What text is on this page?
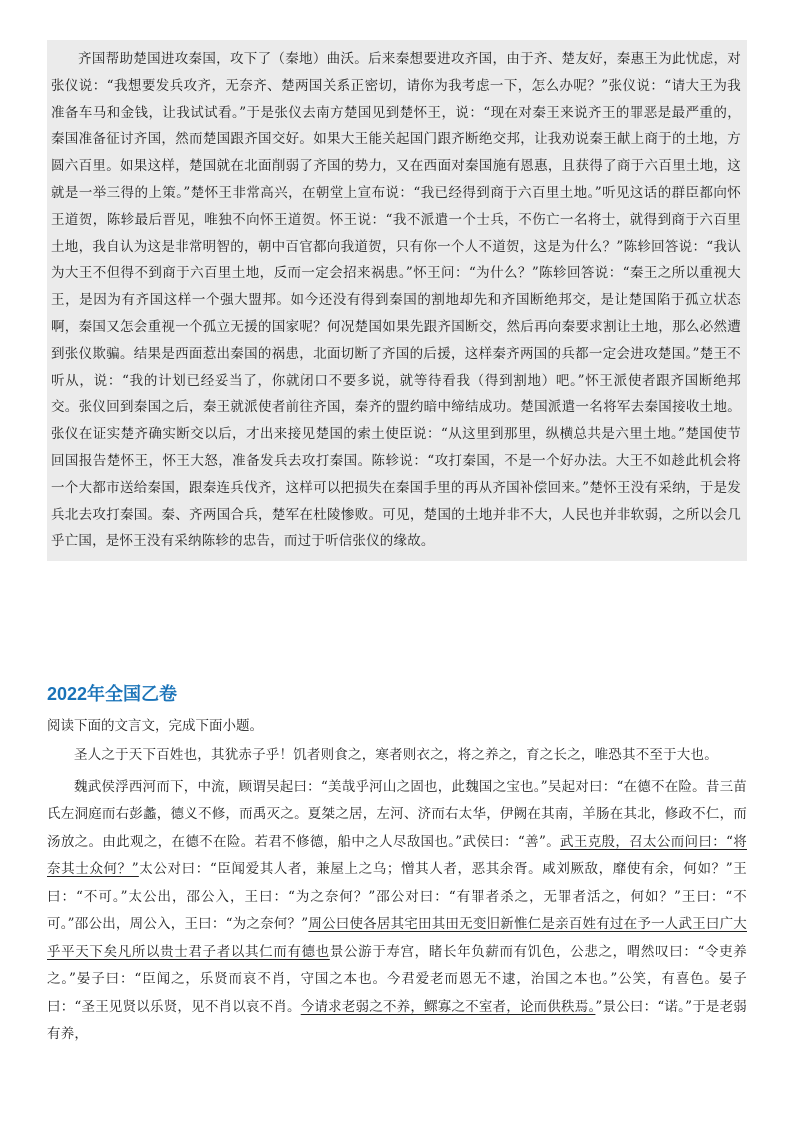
齐国帮助楚国进攻秦国，攻下了（秦地）曲沃。后来秦想要进攻齐国，由于齐、楚友好，秦惠王为此忧虑，对张仪说：“我想要发兵攻齐，无奈齐、楚两国关系正密切，请你为我考虑一下，怎么办呢？”张仪说：“请大王为我准备车马和金钱，让我试试看。”于是张仪去南方楚国见到楚怀王，说：“现在对秦王来说齐王的罪恶是最严重的，秦国准备征讨齐国，然而楚国跟齐国交好。如果大王能关起国门跟齐断绝交邦，让我劝说秦王献上商于的土地，方圆六百里。如果这样，楚国就在北面削弱了齐国的势力，又在西面对秦国施有恩惠，且获得了商于六百里土地，这就是一举三得的上策。”楚怀王非常高兴，在朝堂上宣布说：“我已经得到商于六百里土地。”听见这话的群臣都向怀王道贺，陈轸最后晋见，唯独不向怀王道贺。怀王说：“我不派遣一个士兵，不伤亡一名将士，就得到商于六百里土地，我自认为这是非常明智的，朝中百官都向我道贺，只有你一个人不道贺，这是为什么？”陈轸回答说：“我认为大王不但得不到商于六百里土地，反而一定会招来祸患。”怀王问：“为什么？”陈轸回答说：“秦王之所以重视大王，是因为有齐国这样一个强大盟邦。如今还没有得到秦国的割地却先和齐国断绝邦交，是让楚国陷于孤立状态啊，秦国又怎会重视一个孤立无援的国家呢？何况楚国如果先跟齐国断交，然后再向秦要求割让土地，那么必然遭到张仪欺骗。结果是西面惹出秦国的祸患，北面切断了齐国的后援，这样秦齐两国的兵都一定会进攻楚国。”楚王不听从，说：“我的计划已经妥当了，你就闭口不要多说，就等待看我（得到割地）吧。”怀王派使者跟齐国断绝邦交。张仪回到秦国之后，秦王就派使者前往齐国，秦齐的盟约暗中缔结成功。楚国派遣一名将军去秦国接收土地。张仪在证实楚齐确实断交以后，才出来接见楚国的索土使臣说：“从这里到那里，纵横总共是六里土地。”楚国使节回国报告楚怀王，怀王大怒，准备发兵去攻打秦国。陈轸说：“攻打秦国，不是一个好办法。大王不如趁此机会将一个大都市送给秦国，跟秦连兵伐齐，这样可以把损失在秦国手里的再从齐国补偿回来。”楚怀王没有采纳，于是发兵北去攻打秦国。秦、齐两国合兵，楚军在杜陵惨败。可见，楚国的土地并非不大，人民也并非软弱，之所以会几乎亡国，是怀王没有采纳陈轸的忠告，而过于听信张仪的缘故。

2022年全国乙卷

阅读下面的文言文，完成下面小题。

圣人之于天下百姓也，其犹赤子乎！饥者则食之，寒者则衣之，将之养之，育之长之，唯恐其不至于大也。

魏武侯浮西河而下，中流，顾谓吴起曰：“美哉乎河山之固也，此魏国之宝也。”吴起对曰：“在德不在险。昔三苗氏左洞庭而右彭蠡，德义不修，而禹灭之。夏桀之居，左河、济而右太华，伊阙在其南，羊肠在其北，修政不仁，而汤放之。由此观之，在德不在险。若君不修德，船中之人尽敌国也。”武侯曰：“善”。武王克殷，召太公而问曰：“将奈其士众何？”太公对曰：“臣闻爱其人者，兼屋上之乌；憎其人者，恶其余胥。咸刘厥敌，靡使有余，何如？”王曰：“不可。”太公出，邵公入，王曰：“为之奈何？”邵公对曰：“有罪者杀之，无罪者活之，何如？”王曰：“不可。”邵公出，周公入，王曰：“为之奈何？”周公曰使各居其宅田其田无变旧新惟仁是亲百姓有过在予一人武王曰广大乎平天下矣凡所以贵士君子者以其仁而有德也景公游于寿宫，睹长年负薪而有饥色，公悲之，喟然叹曰：“令吏养之。”晏子曰：“臣闻之，乐贤而哀不肖，守国之本也。今君爱老而恩无不逮，治国之本也。”公笑，有喜色。晏子曰：“圣王见贤以乐贤，见不肖以哀不肖。今请求老弱之不养，鳏寡之不室者，论而供秩焉。”景公曰：“诺。”于是老弱有养，
